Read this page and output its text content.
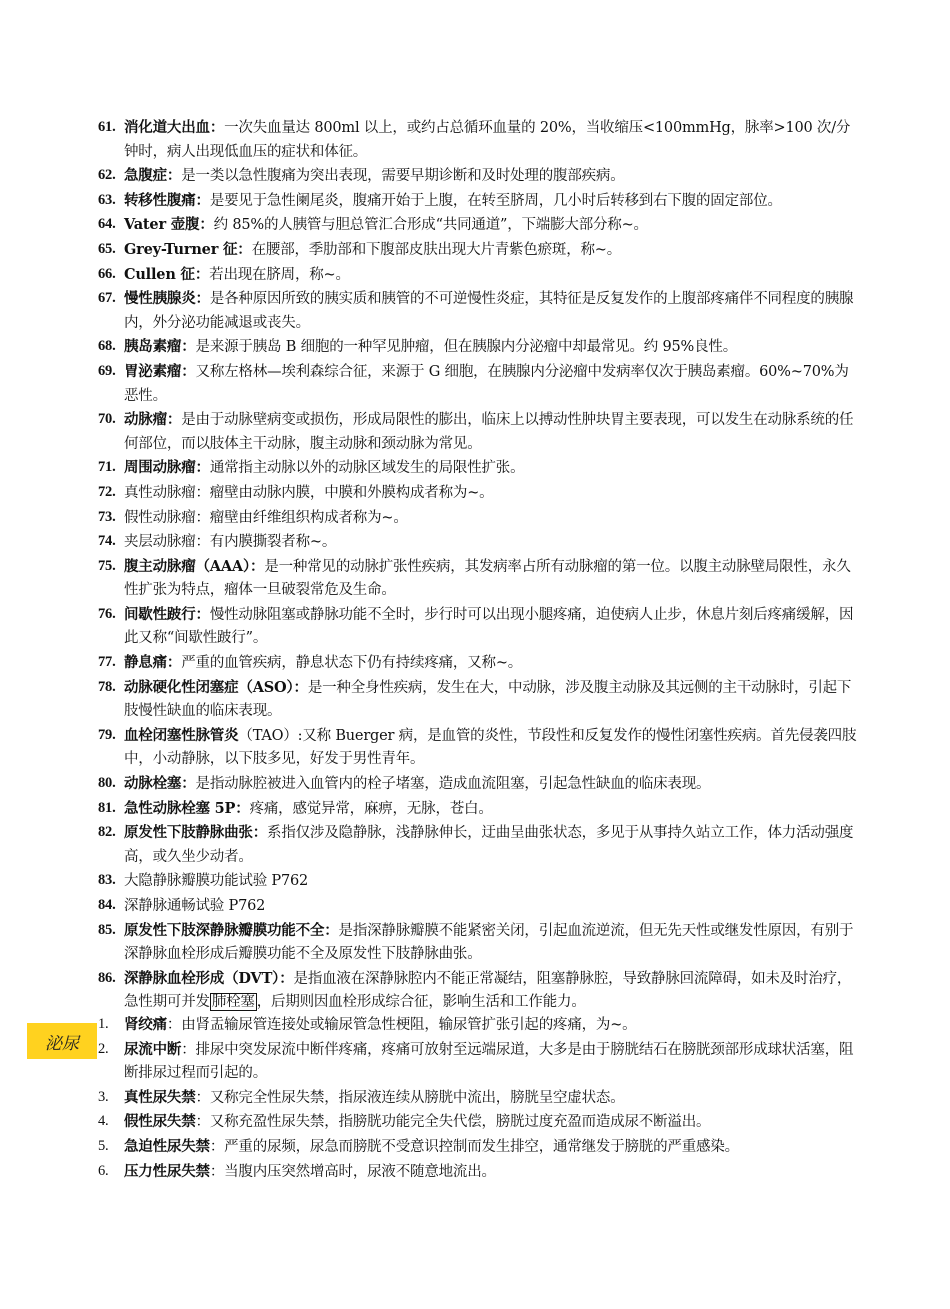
61. 消化道大出血：一次失血量达 800ml 以上，或约占总循环血量的 20%，当收缩压<100mmHg，脉率>100 次/分钟时，病人出现低血压的症状和体征。
62. 急腹症：是一类以急性腹痛为突出表现，需要早期诊断和及时处理的腹部疾病。
63. 转移性腹痛：是要见于急性阑尾炎，腹痛开始于上腹，在转至脐周，几小时后转移到右下腹的固定部位。
64. Vater 壶腹：约 85%的人胰管与胆总管汇合形成“共同通道”，下端膨大部分称~。
65. Grey-Turner 征：在腰部，季肋部和下腹部皮肤出现大片青紫色瘀斑，称~。
66. Cullen 征：若出现在脐周，称~。
67. 慢性胰腺炎：是各种原因所致的胰实质和胰管的不可逆慢性炎症，其特征是反复发作的上腹部疼痛伴不同程度的胰腺内，外分泌功能减退或丧失。
68. 胰岛素瘤：是来源于胰岛 B 细胞的一种罕见肿瘤，但在胰腺内分泌瘤中却最常见。约 95%良性。
69. 胃泌素瘤：又称左格林—埃利森综合征，来源于 G 细胞，在胰腺内分泌瘤中发病率仅次于胰岛素瘤。60%~70%为恶性。
70. 动脉瘤：是由于动脉壁病变或损伤，形成局限性的膨出，临床上以搏动性肿块胃主要表现，可以发生在动脉系统的任何部位，而以肢体主干动脉，腹主动脉和颈动脉为常见。
71. 周围动脉瘤：通常指主动脉以外的动脉区域发生的局限性扩张。
72. 真性动脉瘤：瘤壁由动脉内膜，中膜和外膜构成者称为~。
73. 假性动脉瘤：瘤壁由纤维组织构成者称为~。
74. 夹层动脉瘤：有内膜撕裂者称~。
75. 腹主动脉瘤（AAA）：是一种常见的动脉扩张性疾病，其发病率占所有动脉瘤的第一位。以腹主动脉壁局限性，永久性扩张为特点，瘤体一旦破裂常危及生命。
76. 间歇性跛行：慢性动脉阻塞或静脉功能不全时，步行时可以出现小腿疼痛，迫使病人止步，休息片刻后疼痛缓解，因此又称“间歇性跛行”。
77. 静息痛：严重的血管疾病，静息状态下仍有持续疼痛，又称~。
78. 动脉硬化性闭塞症（ASO）：是一种全身性疾病，发生在大，中动脉，涉及腹主动脉及其远侧的主干动脉时，引起下肢慢性缺血的临床表现。
79. 血栓闭塞性脉管炎（TAO）:又称 Buerger 病，是血管的炎性，节段性和反复发作的慢性闭塞性疾病。首先侵袭四肢中，小动静脉，以下肢多见，好发于男性青年。
80. 动脉栓塞：是指动脉腔被进入血管内的栓子堵塞，造成血流阻塞，引起急性缺血的临床表现。
81. 急性动脉栓塞 5P：疼痛，感觉异常，麻痹，无脉，苍白。
82. 原发性下肢静脉曲张：系指仅涉及隐静脉，浅静脉伸长，迂曲呈曲张状态，多见于从事持久站立工作，体力活动强度高，或久坐少动者。
83. 大隐静脉瓣膜功能试验 P762
84. 深静脉通畅试验 P762
85. 原发性下肢深静脉瓣膜功能不全：是指深静脉瓣膜不能紧密关闭，引起血流逆流，但无先天性或继发性原因，有别于深静脉血栓形成后瓣膜功能不全及原发性下肢静脉曲张。
86. 深静脉血栓形成（DVT）：是指血液在深静脉腔内不能正常凝结，阻塞静脉腔，导致静脉回流障碍，如未及时治疗，急性期可并发 肺栓塞 ，后期则因血栓形成综合征，影响生活和工作能力。
泌尿
1. 肾绞痛：由肾盂输尿管连接处或输尿管急性梗阻，输尿管扩张引起的疼痛，为~。
2. 尿流中断：排尿中突发尿流中断伴疼痛，疼痛可放射至远端尿道，大多是由于膀胱结石在膀胱颈部形成球状活塞，阻断排尿过程而引起的。
3. 真性尿失禁：又称完全性尿失禁，指尿液连续从膀胱中流出，膀胱呈空虚状态。
4. 假性尿失禁：又称充盈性尿失禁，指膀胱功能完全失代偿，膀胱过度充盈而造成尿不断溢出。
5. 急迫性尿失禁：严重的尿频，尿急而膀胱不受意识控制而发生排空，通常继发于膀胱的严重感染。
6. 压力性尿失禁：当腹内压突然增高时，尿液不随意地流出。
